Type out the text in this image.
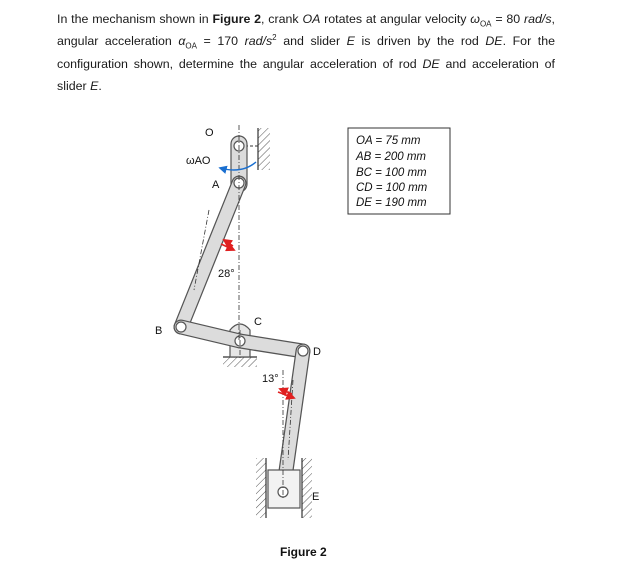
In the mechanism shown in Figure 2, crank OA rotates at angular velocity $\omega_{OA} = 80$ rad/s, angular acceleration $\alpha_{OA} = 170$ rad/$s^2$ and slider E is driven by the rod DE. For the configuration shown, determine the angular acceleration of rod DE and acceleration of slider E.

O
A
B
C
D
E
ωAO
28°
13°
OA = 75 mm
AB = 200 mm
BC = 100 mm
CD = 100 mm
DE = 190 mm
Figure 2
